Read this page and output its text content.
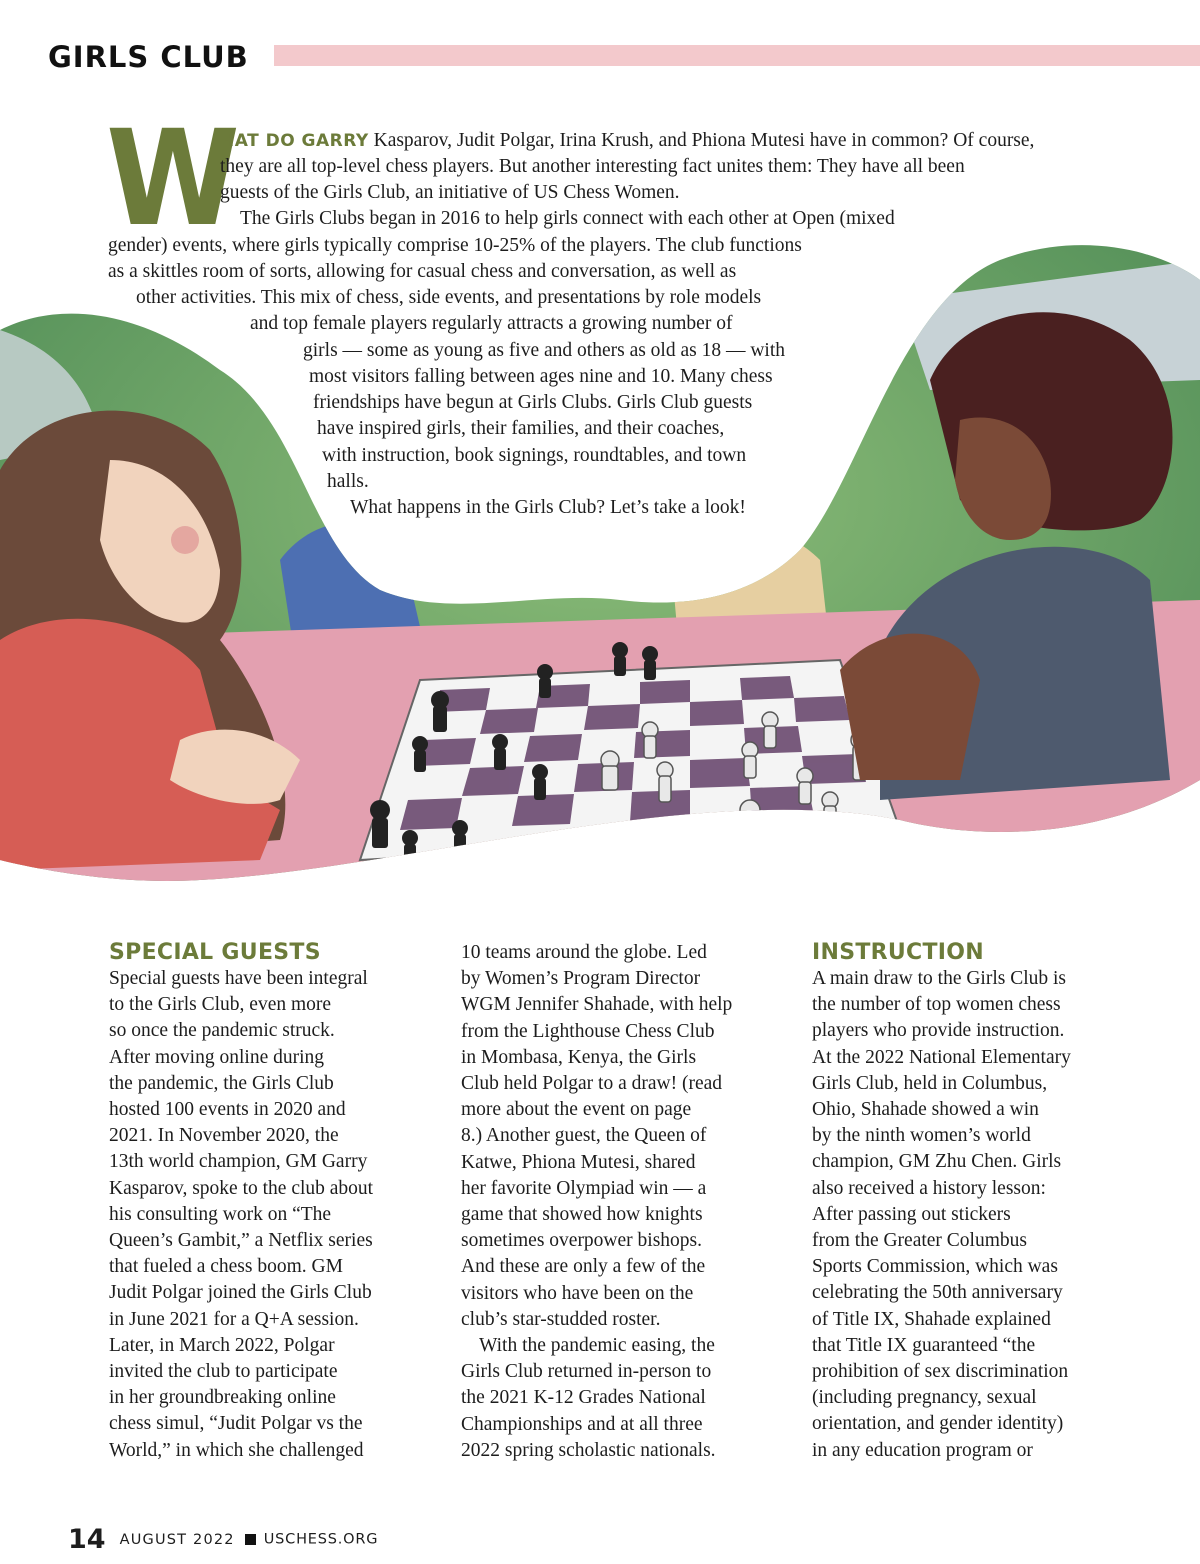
GIRLS CLUB
W
HAT DO GARRY Kasparov, Judit Polgar, Irina Krush, and Phiona Mutesi have in common? Of course,
they are all top-level chess players. But another interesting fact unites them: They have all been
guests of the Girls Club, an initiative of US Chess Women.
The Girls Clubs began in 2016 to help girls connect with each other at Open (mixed
gender) events, where girls typically comprise 10-25% of the players. The club functions
as a skittles room of sorts, allowing for casual chess and conversation, as well as
other activities. This mix of chess, side events, and presentations by role models
and top female players regularly attracts a growing number of
girls — some as young as five and others as old as 18 — with
most visitors falling between ages nine and 10. Many chess
friendships have begun at Girls Clubs. Girls Club guests
have inspired girls, their families, and their coaches,
with instruction, book signings, roundtables, and town
halls.
What happens in the Girls Club? Let’s take a look!
SPECIAL GUESTS
Special guests have been integral
to the Girls Club, even more
so once the pandemic struck.
After moving online during
the pandemic, the Girls Club
hosted 100 events in 2020 and
2021. In November 2020, the
13th world champion, GM Garry
Kasparov, spoke to the club about
his consulting work on “The
Queen’s Gambit,” a Netflix series
that fueled a chess boom. GM
Judit Polgar joined the Girls Club
in June 2021 for a Q+A session.
Later, in March 2022, Polgar
invited the club to participate
in her groundbreaking online
chess simul, “Judit Polgar vs the
World,” in which she challenged
10 teams around the globe. Led
by Women’s Program Director
WGM Jennifer Shahade, with help
from the Lighthouse Chess Club
in Mombasa, Kenya, the Girls
Club held Polgar to a draw! (read
more about the event on page
8.) Another guest, the Queen of
Katwe, Phiona Mutesi, shared
her favorite Olympiad win — a
game that showed how knights
sometimes overpower bishops.
And these are only a few of the
visitors who have been on the
club’s star-studded roster.
With the pandemic easing, the
Girls Club returned in-person to
the 2021 K-12 Grades National
Championships and at all three
2022 spring scholastic nationals.
INSTRUCTION
A main draw to the Girls Club is
the number of top women chess
players who provide instruction.
At the 2022 National Elementary
Girls Club, held in Columbus,
Ohio, Shahade showed a win
by the ninth women’s world
champion, GM Zhu Chen. Girls
also received a history lesson:
After passing out stickers
from the Greater Columbus
Sports Commission, which was
celebrating the 50th anniversary
of Title IX, Shahade explained
that Title IX guaranteed “the
prohibition of sex discrimination
(including pregnancy, sexual
orientation, and gender identity)
in any education program or
14 AUGUST 2022 USCHESS.ORG
